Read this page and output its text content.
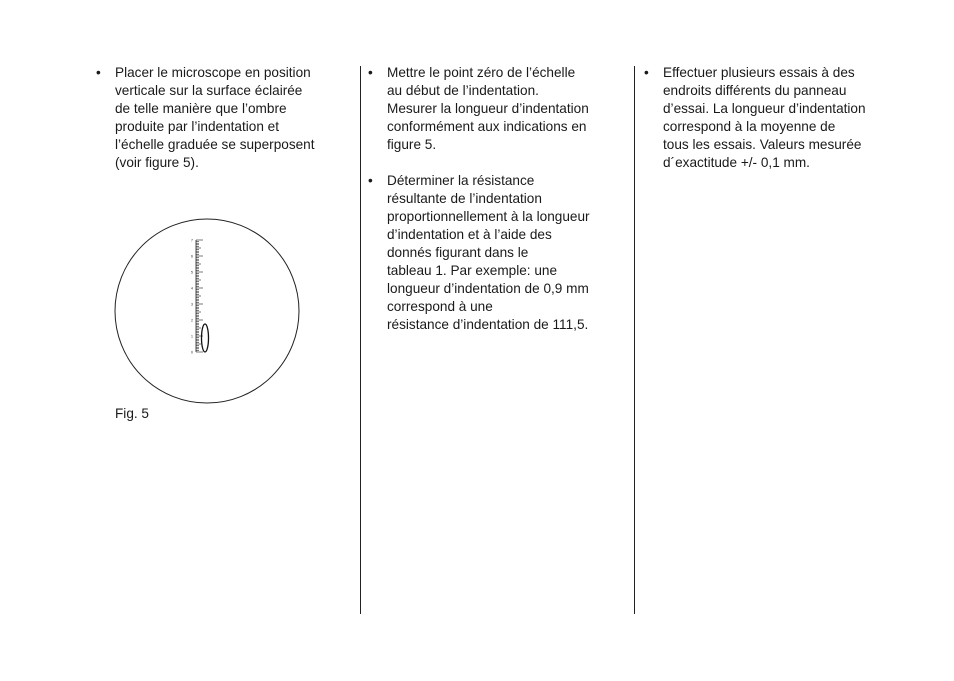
•	Placer le microscope en position
verticale sur la surface éclairée
de telle manière que l’ombre
produite par l’indentation et
l’échelle graduée se superposent
(voir figure 5).
•	Mettre le point zéro de l’échelle
au début de l’indentation.
Mesurer la longueur d’indentation
conformément aux indications en
figure 5.
•	Déterminer la résistance
résultante de l’indentation
proportionnellement à la longueur
d’indentation et à l’aide des
donnés figurant dans le
tableau 1. Par exemple: une
longueur d’indentation de 0,9 mm
correspond à une
résistance d’indentation de 111,5.
•	Effectuer plusieurs essais à des
endroits différents du panneau
d’essai. La longueur d’indentation
correspond à la moyenne de
tous les essais. Valeurs mesurée
d´exactitude +/- 0,1 mm.
0
1
2
3
4
5
6
7
Fig. 5
